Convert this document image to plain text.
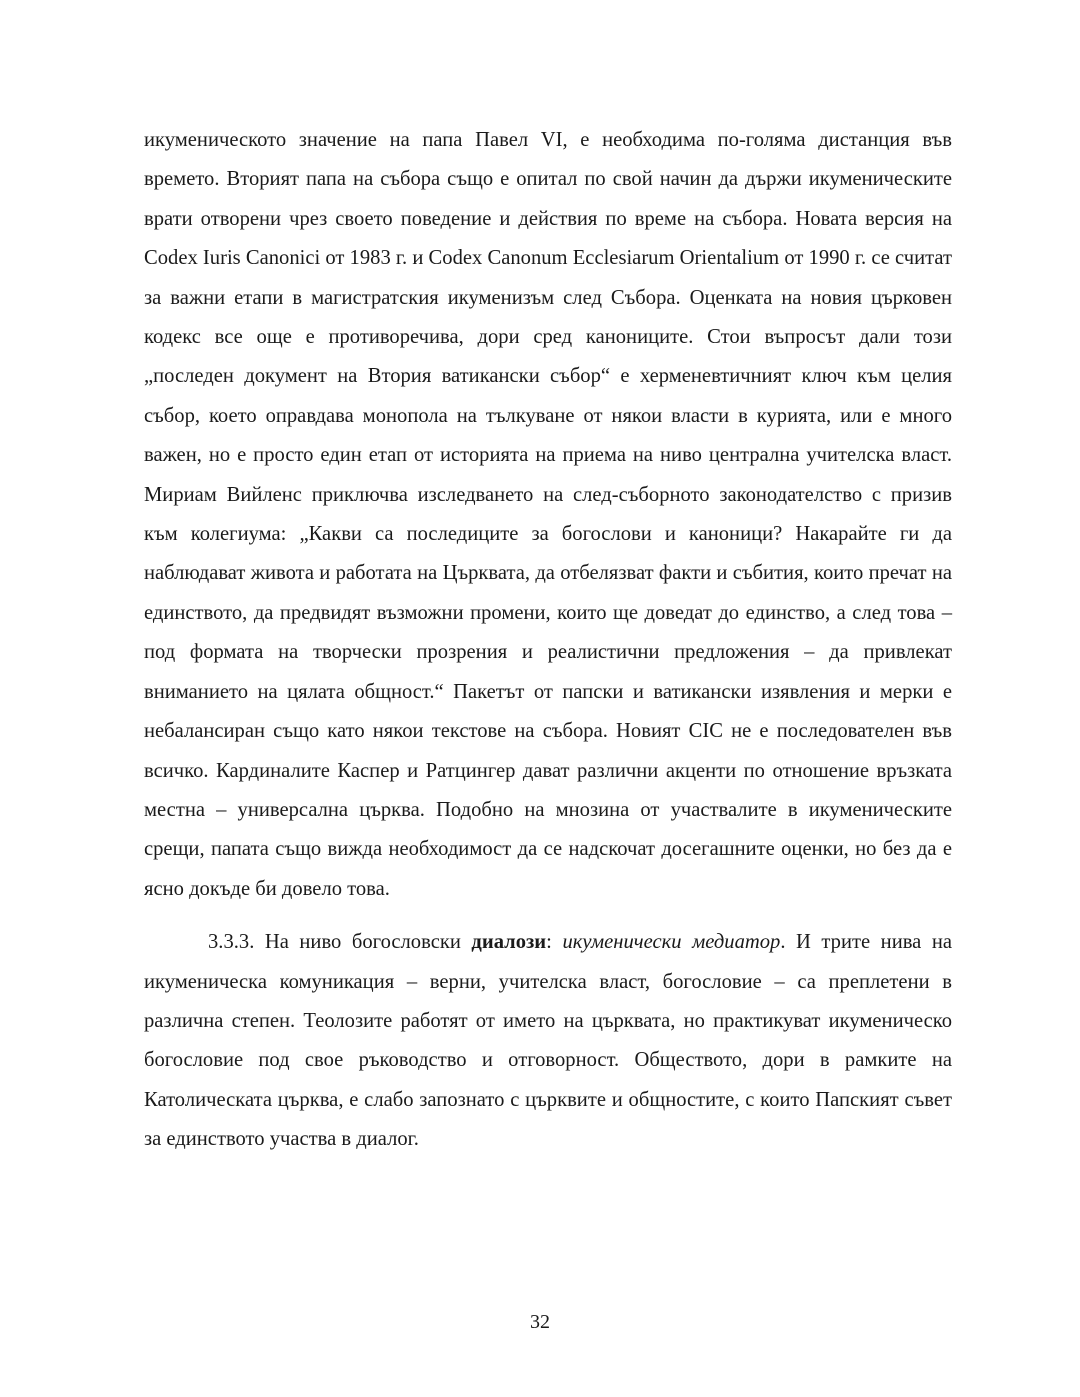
икуменическото значение на папа Павел VI, е необходима по-голяма дистанция във времето. Вторият папа на събора също е опитал по свой начин да държи икуменическите врати отворени чрез своето поведение и действия по време на събора. Новата версия на Codex Iuris Canonici от 1983 г. и Codex Canonum Ecclesiarum Orientalium от 1990 г. се считат за важни етапи в магистратския икуменизъм след Събора. Оценката на новия църковен кодекс все още е противоречива, дори сред канониците. Стои въпросът дали този „последен документ на Втория ватикански събор“ е херменевтичният ключ към целия събор, което оправдава монопола на тълкуване от някои власти в курията, или е много важен, но е просто един етап от историята на приема на ниво централна учителска власт. Мириам Вийленс приключва изследването на след-съборното законодателство с призив към колегиума: „Какви са последиците за богослови и каноници? Накарайте ги да наблюдават живота и работата на Църквата, да отбелязват факти и събития, които пречат на единството, да предвидят възможни промени, които ще доведат до единство, а след това – под формата на творчески прозрения и реалистични предложения – да привлекат вниманието на цялата общност.“ Пакетът от папски и ватикански изявления и мерки е небалансиран също като някои текстове на събора. Новият CIC не е последователен във всичко. Кардиналите Каспер и Ратцингер дават различни акценти по отношение връзката местна – универсална църква. Подобно на мнозина от участвалите в икуменическите срещи, папата също вижда необходимост да се надскочат досегашните оценки, но без да е ясно докъде би довело това.

3.3.3. На ниво богословски диалози: икуменически медиатор. И трите нива на икуменическа комуникация – верни, учителска власт, богословие – са преплетени в различна степен. Теолозите работят от името на църквата, но практикуват икуменическо богословие под свое ръководство и отговорност. Обществото, дори в рамките на Католическата църква, е слабо запознато с църквите и общностите, с които Папският съвет за единството участва в диалог.

32
